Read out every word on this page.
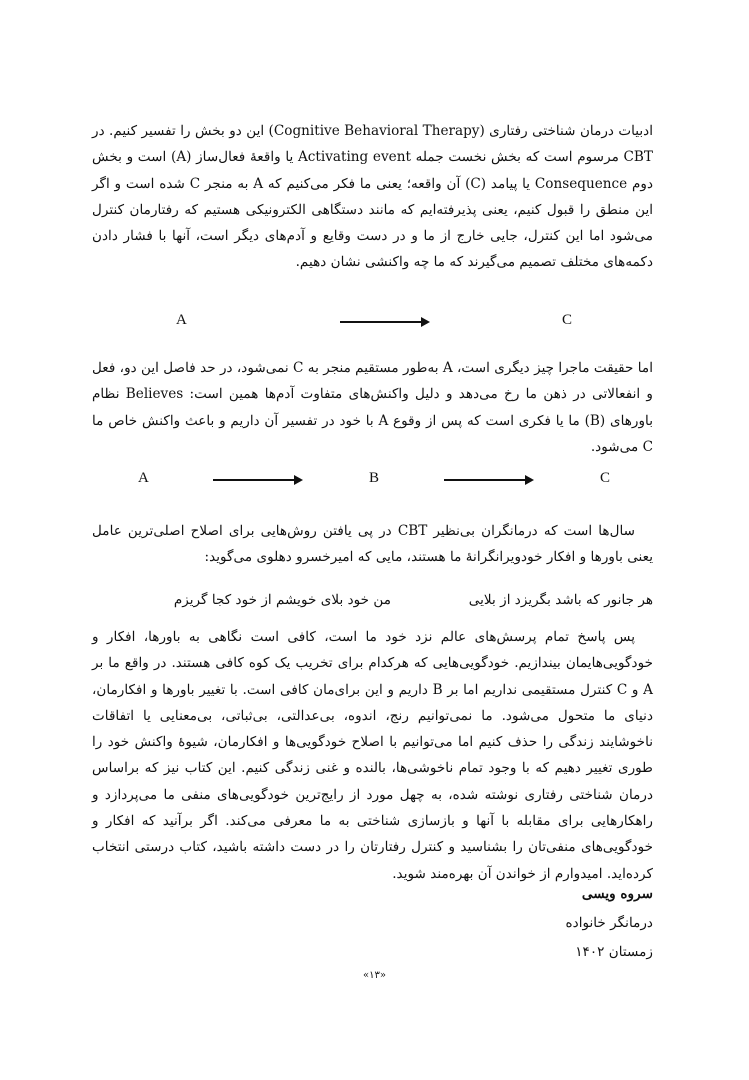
ادبیات درمان شناختی رفتاری (Cognitive Behavioral Therapy) این دو بخش را تفسیر کنیم. در CBT مرسوم است که بخش نخست جمله Activating event یا واقعهٔ فعال‌ساز (A) است و بخش دوم Consequence یا پیامد (C) آن واقعه؛ یعنی ما فکر می‌کنیم که A به منجر C شده است و اگر این منطق را قبول کنیم، یعنی پذیرفته‌ایم که مانند دستگاهی الکترونیکی هستیم که رفتارمان کنترل می‌شود اما این کنترل، جایی خارج از ما و در دست وقایع و آدم‌های دیگر است، آنها با فشار دادن دکمه‌های مختلف تصمیم می‌گیرند که ما چه واکنشی نشان دهیم.

A	C

اما حقیقت ماجرا چیز دیگری است، A به‌طور مستقیم منجر به C نمی‌شود، در حد فاصل این دو، فعل و انفعالاتی در ذهن ما رخ می‌دهد و دلیل واکنش‌های متفاوت آدم‌ها همین است: Believes نظام باورهای (B) ما یا فکری است که پس از وقوع A با خود در تفسیر آن داریم و باعث واکنش خاص ما C می‌شود.

A	B	C

سال‌ها است که درمانگران بی‌نظیر CBT در پی یافتن روش‌هایی برای اصلاح اصلی‌ترین عامل یعنی باورها و افکار خودویرانگرانهٔ ما هستند، مایی که امیرخسرو دهلوی می‌گوید:

هر جانور که باشد بگریزد از بلایی
من خود بلای خویشم از خود کجا گریزم

پس پاسخ تمام پرسش‌های عالم نزد خود ما است، کافی است نگاهی به باورها، افکار و خودگویی‌هایمان بیندازیم. خودگویی‌هایی که هرکدام برای تخریب یک کوه کافی هستند. در واقع ما بر A و C کنترل مستقیمی نداریم اما بر B داریم و این برای‌مان کافی است. با تغییر باورها و افکارمان، دنیای ما متحول می‌شود. ما نمی‌توانیم رنج، اندوه، بی‌عدالتی، بی‌ثباتی، بی‌معنایی یا اتفاقات ناخوشایند زندگی را حذف کنیم اما می‌توانیم با اصلاح خودگویی‌ها و افکارمان، شیوهٔ واکنش خود را طوری تغییر دهیم که با وجود تمام ناخوشی‌ها، بالنده و غنی زندگی کنیم. این کتاب نیز که براساس درمان شناختی رفتاری نوشته شده، به چهل مورد از رایج‌ترین خودگویی‌های منفی ما می‌پردازد و راهکارهایی برای مقابله با آنها و بازسازی شناختی به ما معرفی می‌کند. اگر برآنید که افکار و خودگویی‌های منفی‌تان را بشناسید و کنترل رفتارتان را در دست داشته باشید، کتاب درستی انتخاب کرده‌اید. امیدوارم از خواندن آن بهره‌مند شوید.

سروه ویسی
درمانگر خانواده
زمستان ۱۴۰۲
«۱۳»
